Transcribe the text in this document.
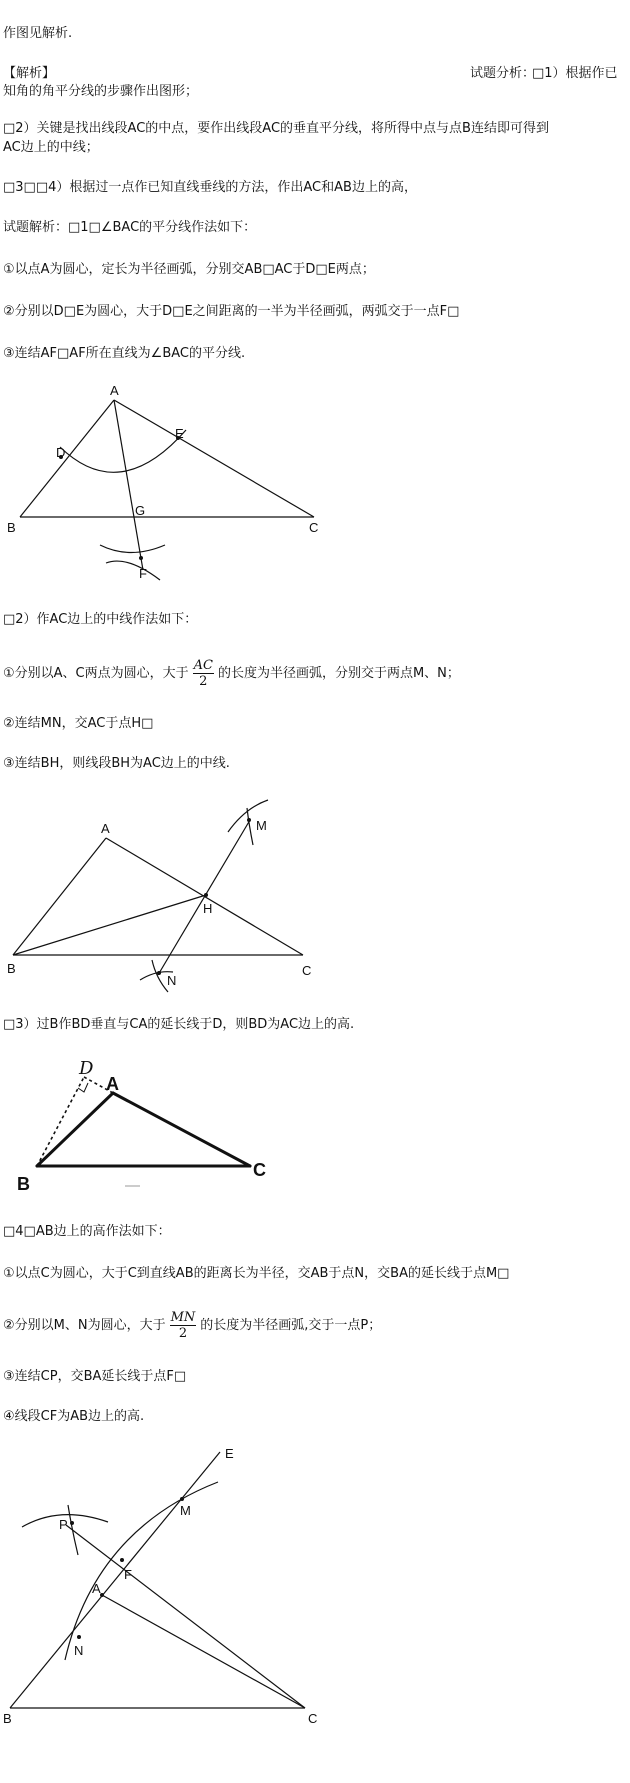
作图见解析.
【解析】	试题分析：
□1）根据作已
知角的角平分线的步骤作出图形；
□2）关键是找出线段AC的中点，要作出线段AC的垂直平分线，将所得中点与点B连结即可得到
AC边上的中线；
□3□□4）根据过一点作已知直线垂线的方法，作出AC和AB边上的高，
试题解析：□1□∠BAC的平分线作法如下：
①以点A为圆心，定长为半径画弧，分别交AB□AC于D□E两点；
②分别以D□E为圆心，大于D□E之间距离的一半为半径画弧，两弧交于一点F□
③连结AF□AF所在直线为∠BAC的平分线.
A
E
D
G
B	C
F
□2）作AC边上的中线作法如下：
①分别以A、C两点为圆心，大于 $\frac{AC}{2}$ 的长度为半径画弧，分别交于两点M、N；
②连结MN，交AC于点H□
③连结BH，则线段BH为AC边上的中线.
A	M
H
B	C
N
□3）过B作BD垂直与CA的延长线于D，则BD为AC边上的高.
A
B
C
D
□4□AB边上的高作法如下：
①以点C为圆心，大于C到直线AB的距离长为半径，交AB于点N，交BA的延长线于点M□
②分别以M、N为圆心，大于 $\frac{MN}{2}$ 的长度为半径画弧,交于一点P；
③连结CP，交BA延长线于点F□
④线段CF为AB边上的高.
E
M
P
F
A
N
B	C
